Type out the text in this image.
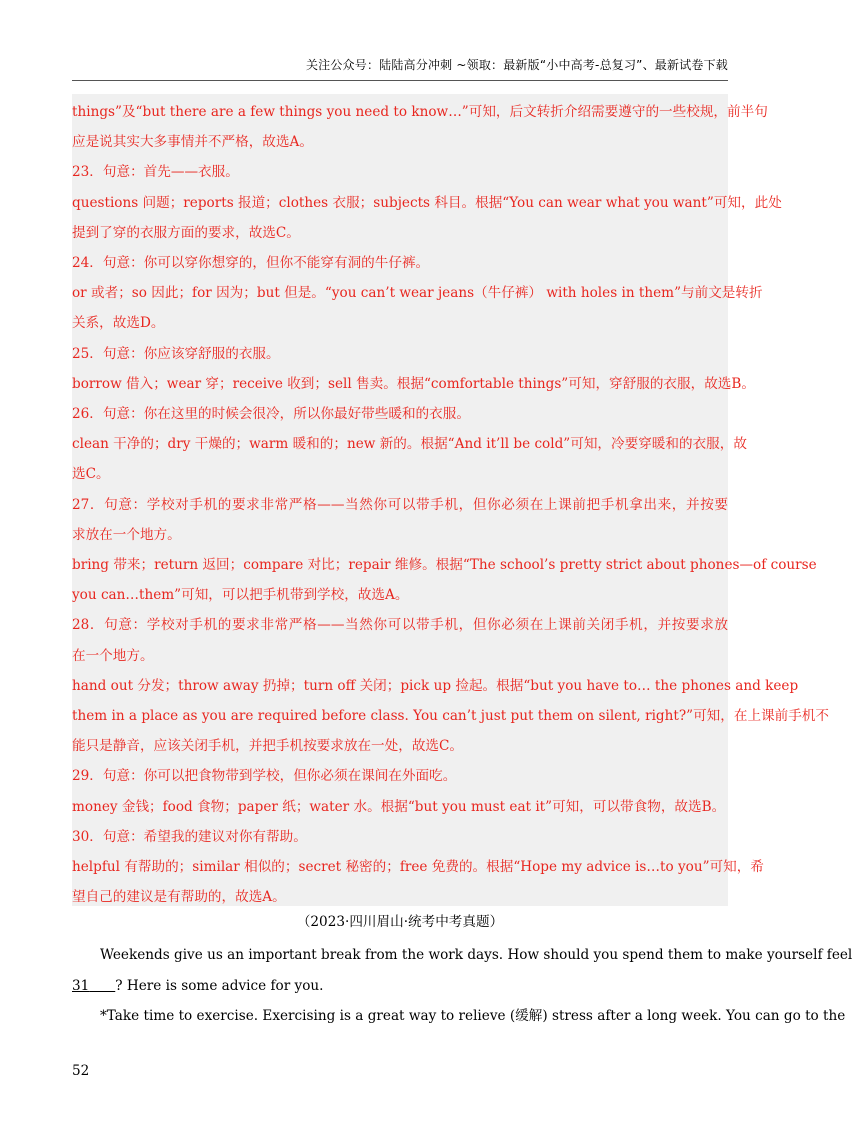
关注公众号：陆陆高分冲刺 ~领取：最新版“小中高考-总复习”、最新试卷下载
things”及“but there are a few things you need to know…”可知，后文转折介绍需要遵守的一些校规，前半句
应是说其实大多事情并不严格，故选A。
23．句意：首先——衣服。
questions 问题；reports 报道；clothes 衣服；subjects 科目。根据“You can wear what you want”可知，此处
提到了穿的衣服方面的要求，故选C。
24．句意：你可以穿你想穿的，但你不能穿有洞的牛仔裤。
or 或者；so 因此；for 因为；but 但是。“you can’t wear jeans（牛仔裤） with holes in them”与前文是转折
关系，故选D。
25．句意：你应该穿舒服的衣服。
borrow 借入；wear 穿；receive 收到；sell 售卖。根据“comfortable things”可知，穿舒服的衣服，故选B。
26．句意：你在这里的时候会很冷，所以你最好带些暖和的衣服。
clean 干净的；dry 干燥的；warm 暖和的；new 新的。根据“And it’ll be cold”可知，冷要穿暖和的衣服，故
选C。
27．句意：学校对手机的要求非常严格——当然你可以带手机，但你必须在上课前把手机拿出来，并按要
求放在一个地方。
bring 带来；return 返回；compare 对比；repair 维修。根据“The school’s pretty strict about phones—of course
you can…them”可知，可以把手机带到学校，故选A。
28．句意：学校对手机的要求非常严格——当然你可以带手机，但你必须在上课前关闭手机，并按要求放
在一个地方。
hand out 分发；throw away 扔掉；turn off 关闭；pick up 捡起。根据“but you have to… the phones and keep
them in a place as you are required before class. You can’t just put them on silent, right?”可知，在上课前手机不
能只是静音，应该关闭手机，并把手机按要求放在一处，故选C。
29．句意：你可以把食物带到学校，但你必须在课间在外面吃。
money 金钱；food 食物；paper 纸；water 水。根据“but you must eat it”可知，可以带食物，故选B。
30．句意：希望我的建议对你有帮助。
helpful 有帮助的；similar 相似的；secret 秘密的；free 免费的。根据“Hope my advice is…to you”可知，希
望自己的建议是有帮助的，故选A。
（2023·四川眉山·统考中考真题）
Weekends give us an important break from the work days. How should you spend them to make yourself feel
31 ? Here is some advice for you.
*Take time to exercise. Exercising is a great way to relieve (缓解) stress after a long week. You can go to the
52
